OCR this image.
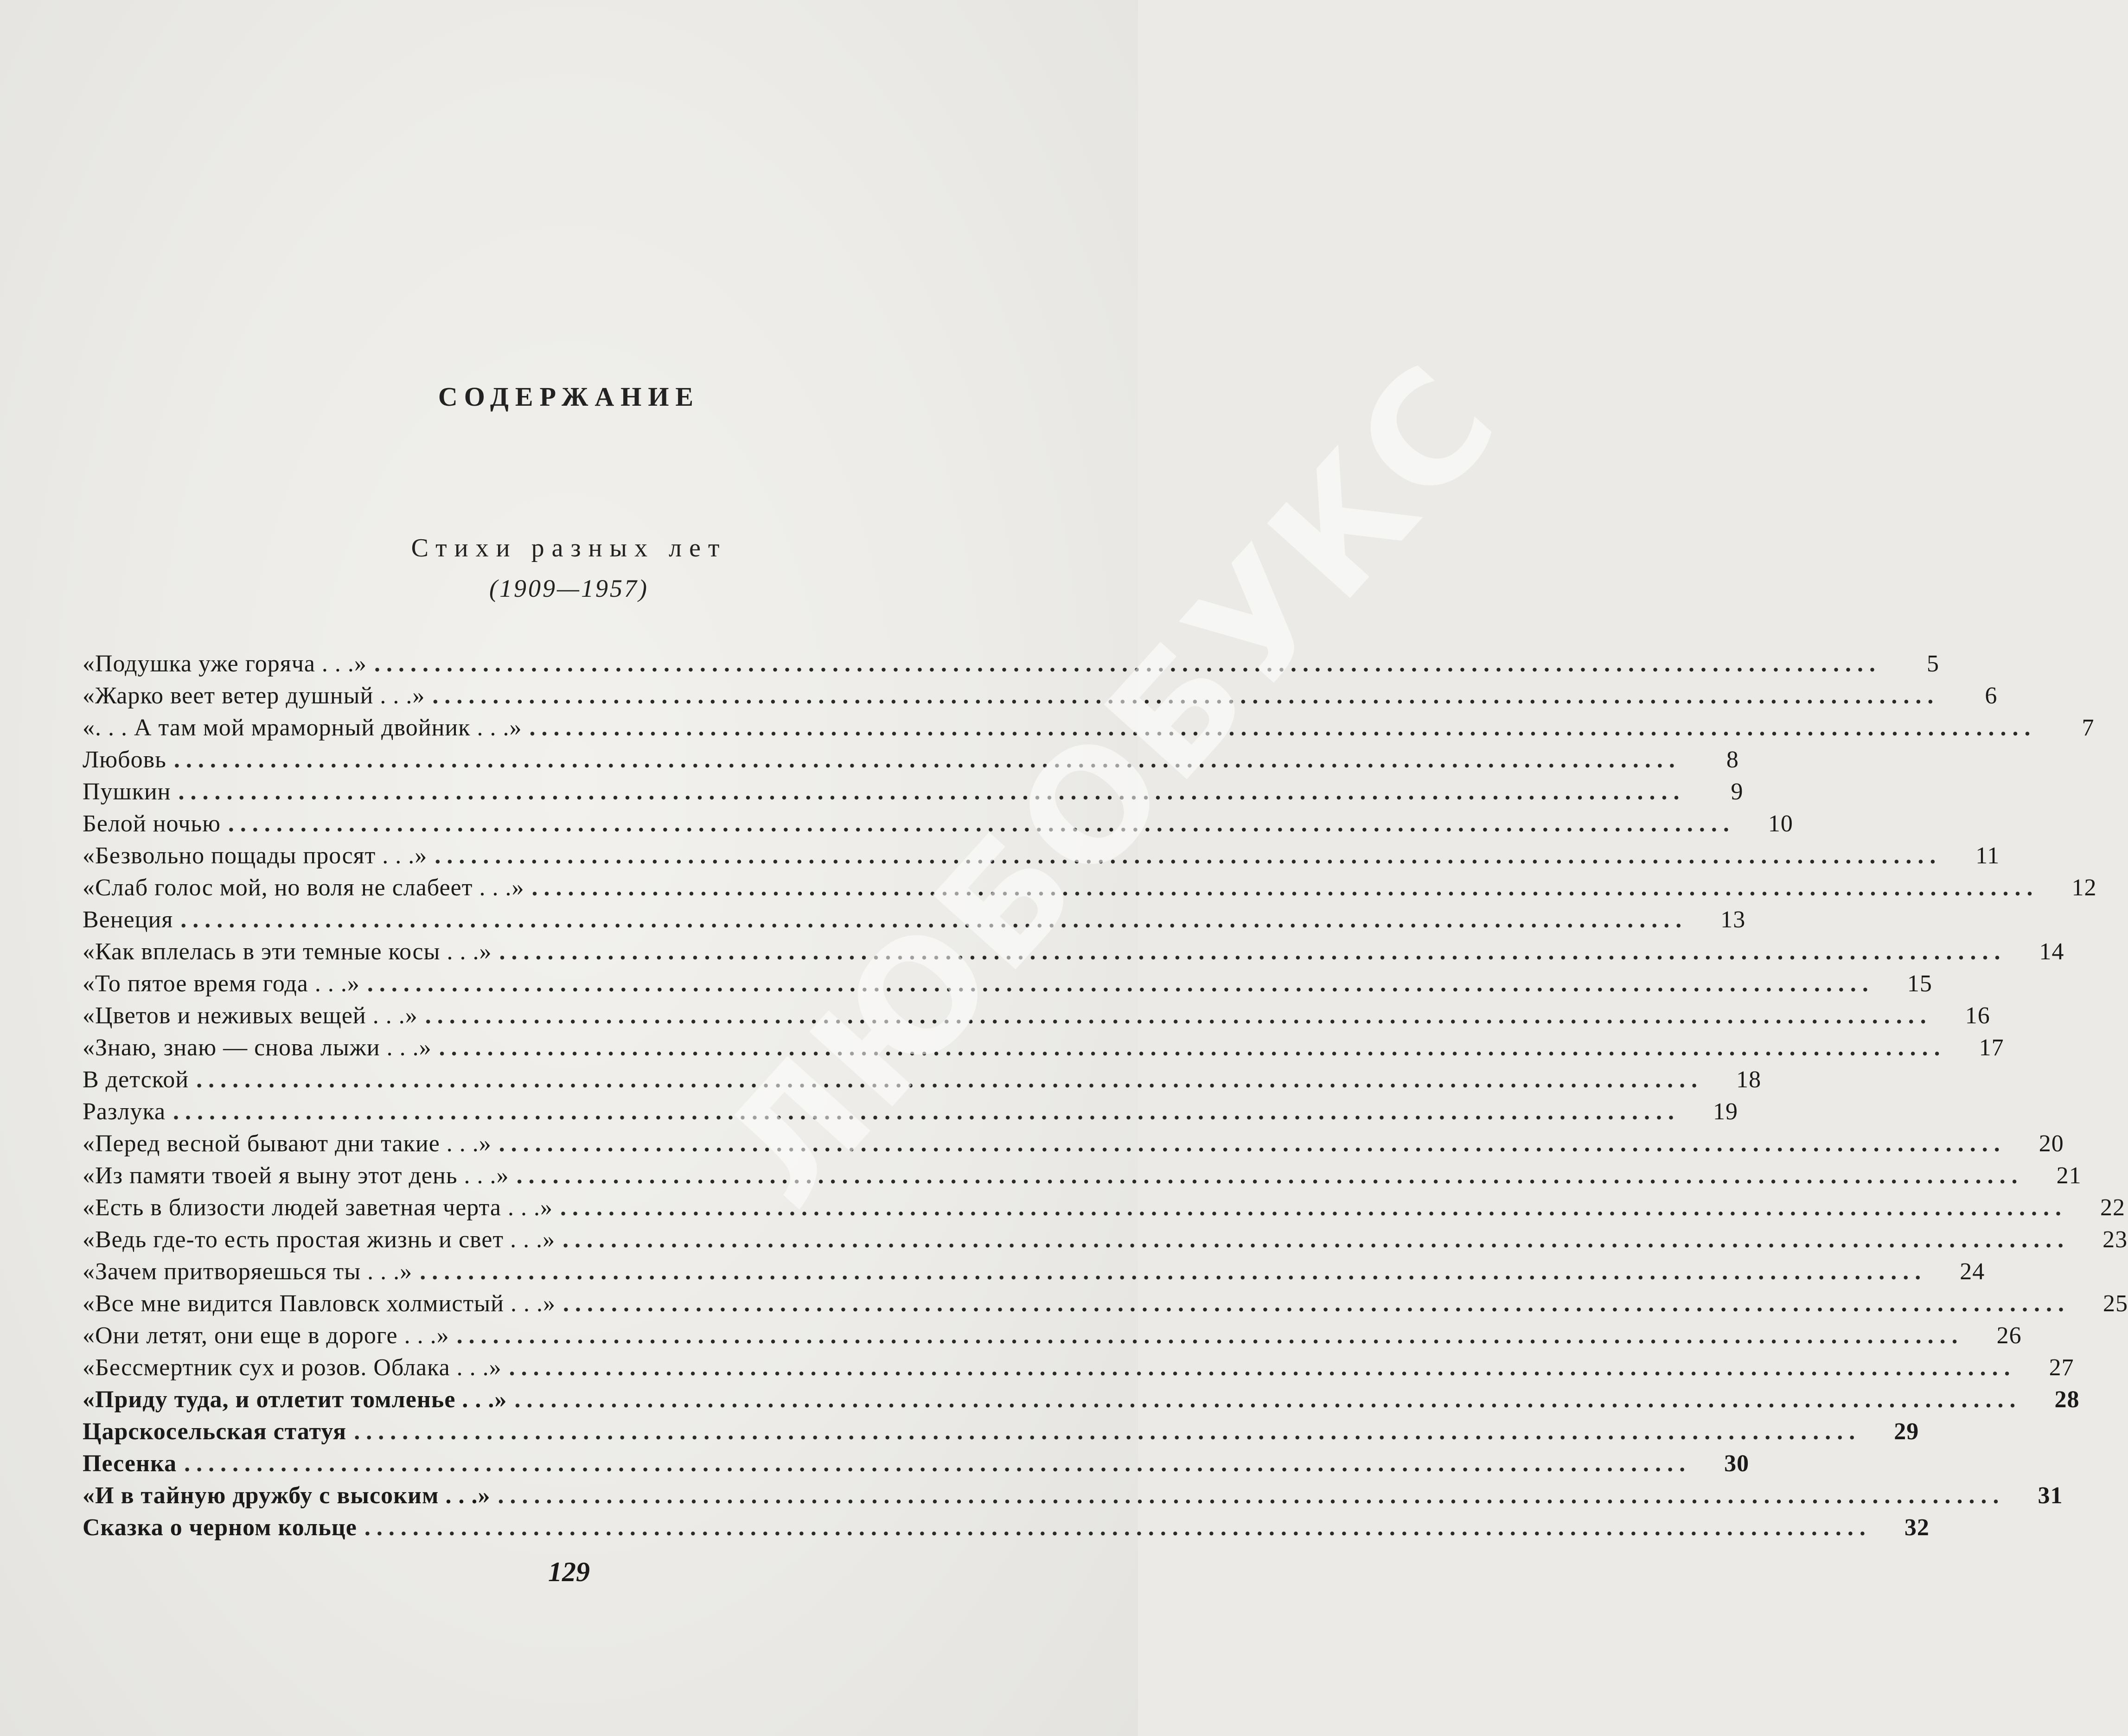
СОДЕРЖАНИЕ
Стихи разных лет
(1909—1957)
«Подушка уже горяча . . .» . . .	5
«Жарко веет ветер душный . . .» . . .	6
«. . . А там мой мраморный двойник . . .» . . .	7
Любовь . . .	8
Пушкин . . .	9
Белой ночью . . .	10
«Безвольно пощады просят . . .» . . .	11
«Слаб голос мой, но воля не слабеет . . .» . . .	12
Венеция . . .	13
«Как вплелась в эти темные косы . . .» . . .	14
«То пятое время года . . .» . . .	15
«Цветов и неживых вещей . . .» . . .	16
«Знаю, знаю — снова лыжи . . .» . . .	17
В детской . . .	18
Разлука . . .	19
«Перед весной бывают дни такие . . .» . . .	20
«Из памяти твоей я выну этот день . . .» . . .	21
«Есть в близости людей заветная черта . . .» . . .	22
«Ведь где-то есть простая жизнь и свет . . .» . . .	23
«Зачем притворяешься ты . . .» . . .	24
«Все мне видится Павловск холмистый . . .» . . .	25
«Они летят, они еще в дороге . . .» . . .	26
«Бессмертник сух и розов. Облака . . .» . . .	27
«Приду туда, и отлетит томленье . . .» . . .	28
Царскосельская статуя . . .	29
Песенка . . .	30
«И в тайную дружбу с высоким . . .» . . .	31
Сказка о черном кольце . . .	32
129
ЛЮБОБУКС
